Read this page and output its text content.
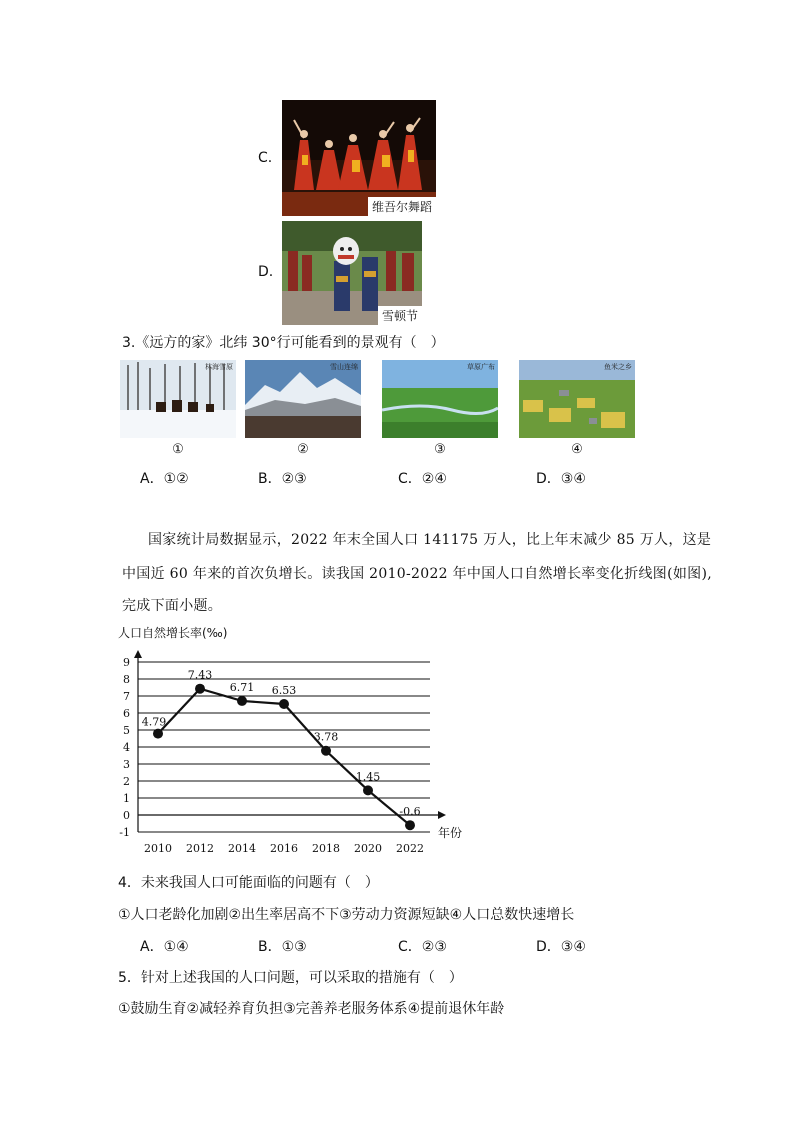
C.
维吾尔舞蹈
D.
雪顿节
3.《远方的家》北纬 30°行可能看到的景观有（　）
林海雪原	雪山连绵	草原广布	鱼米之乡
①	②	③	④
A．①②	B．②③	C．②④	D．③④
国家统计局数据显示，2022 年末全国人口 141175 万人，比上年末减少 85 万人，这是
中国近 60 年来的首次负增长。读我国 2010-2022 年中国人口自然增长率变化折线图(如图),
完成下面小题。
人口自然增长率(‰)
-1
0
1
2
3
4
5
6
7
8
9
2010 2012 2014 2016 2018 2020 2022
4.79
7.43
6.71 6.53
3.78
1.45
-0.6
年份
4．未来我国人口可能面临的问题有（　）
①人口老龄化加剧②出生率居高不下③劳动力资源短缺④人口总数快速增长
A．①④	B．①③	C．②③	D．③④
5．针对上述我国的人口问题，可以采取的措施有（　）
①鼓励生育②减轻养育负担③完善养老服务体系④提前退休年龄
